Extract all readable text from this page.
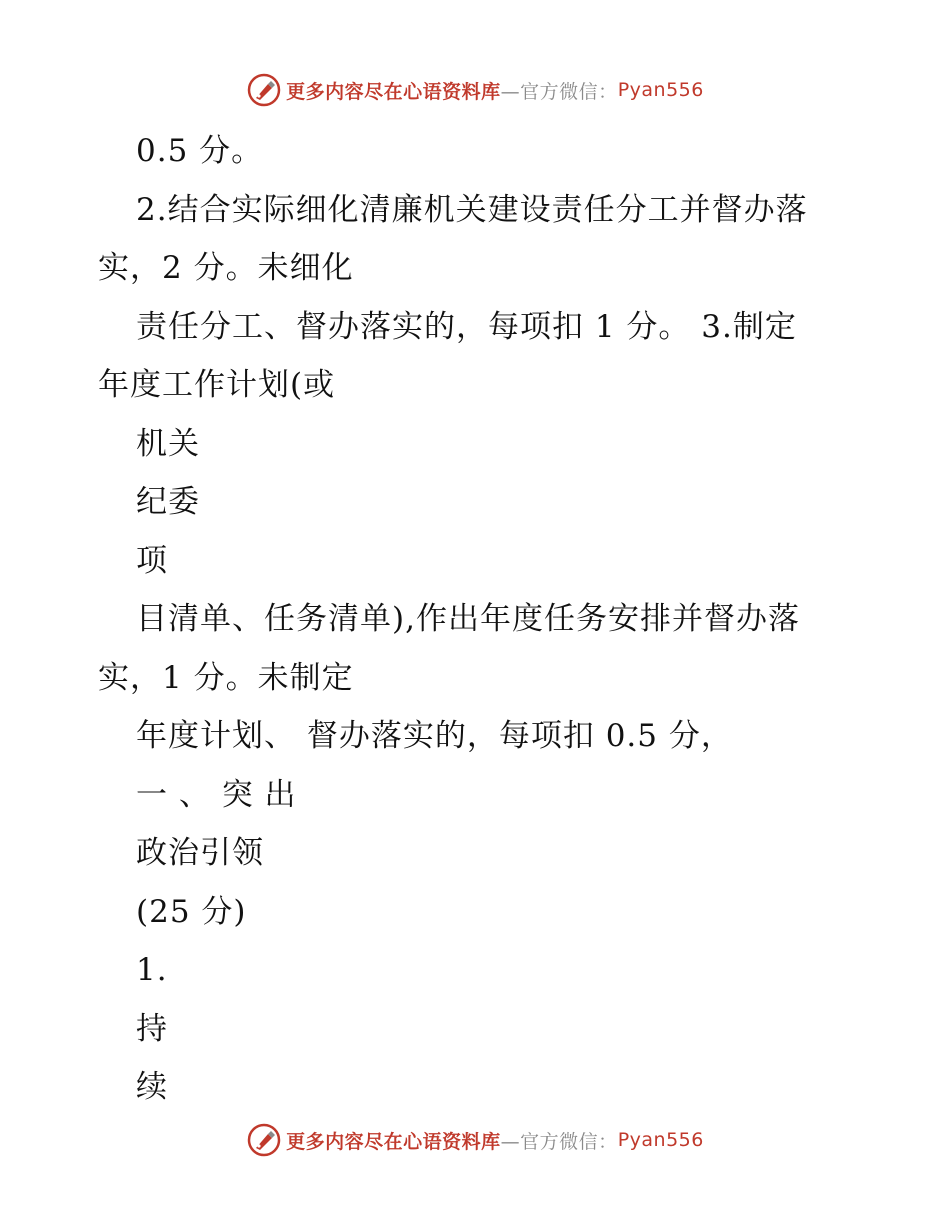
更多内容尽在心语资料库 —官方微信： Pyan556
0.5 分。
2.结合实际细化清廉机关建设责任分工并督办落
实，2 分。未细化
责任分工、督办落实的，每项扣 1 分。 3.制定
年度工作计划(或
机关
纪委
项
目清单、任务清单),作出年度任务安排并督办落
实，1 分。未制定
年度计划、 督办落实的，每项扣 0.5 分，
一 、 突 出
政治引领
(25 分)
1.
持
续
更多内容尽在心语资料库 —官方微信： Pyan556
